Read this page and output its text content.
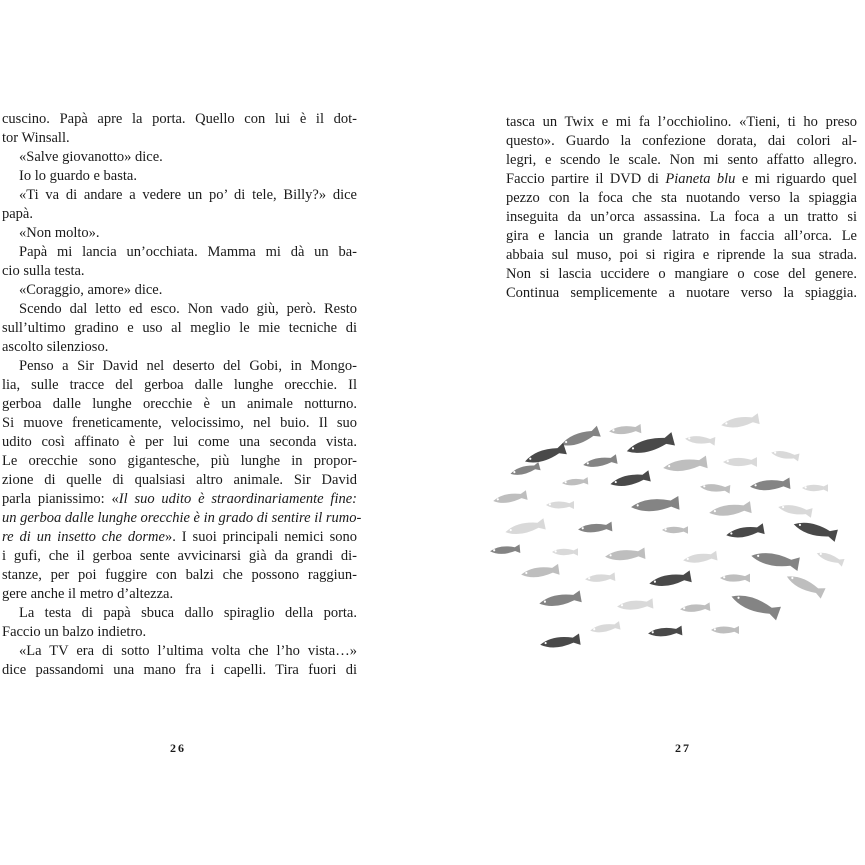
cuscino. Papà apre la porta. Quello con lui è il dot-
tor Winsall.
«Salve giovanotto» dice.
Io lo guardo e basta.
«Ti va di andare a vedere un po’ di tele, Billy?» dice
papà.
«Non molto».
Papà mi lancia un’occhiata. Mamma mi dà un ba-
cio sulla testa.
«Coraggio, amore» dice.
Scendo dal letto ed esco. Non vado giù, però. Resto
sull’ultimo gradino e uso al meglio le mie tecniche di
ascolto silenzioso.
Penso a Sir David nel deserto del Gobi, in Mongo-
lia, sulle tracce del gerboa dalle lunghe orecchie. Il
gerboa dalle lunghe orecchie è un animale notturno.
Si muove freneticamente, velocissimo, nel buio. Il suo
udito così affinato è per lui come una seconda vista.
Le orecchie sono gigantesche, più lunghe in propor-
zione di quelle di qualsiasi altro animale. Sir David
parla pianissimo: «Il suo udito è straordinariamente fine:
un gerboa dalle lunghe orecchie è in grado di sentire il rumo-
re di un insetto che dorme». I suoi principali nemici sono
i gufi, che il gerboa sente avvicinarsi già da grandi di-
stanze, per poi fuggire con balzi che possono raggiun-
gere anche il metro d’altezza.
La testa di papà sbuca dallo spiraglio della porta.
Faccio un balzo indietro.
«La TV era di sotto l’ultima volta che l’ho vista…»
dice passandomi una mano fra i capelli. Tira fuori di
tasca un Twix e mi fa l’occhiolino. «Tieni, ti ho preso
questo». Guardo la confezione dorata, dai colori al-
legri, e scendo le scale. Non mi sento affatto allegro.
Faccio partire il DVD di Pianeta blu e mi riguardo quel
pezzo con la foca che sta nuotando verso la spiaggia
inseguita da un’orca assassina. La foca a un tratto si
gira e lancia un grande latrato in faccia all’orca. Le
abbaia sul muso, poi si rigira e riprende la sua strada.
Non si lascia uccidere o mangiare o cose del genere.
Continua semplicemente a nuotare verso la spiaggia.
26	27
